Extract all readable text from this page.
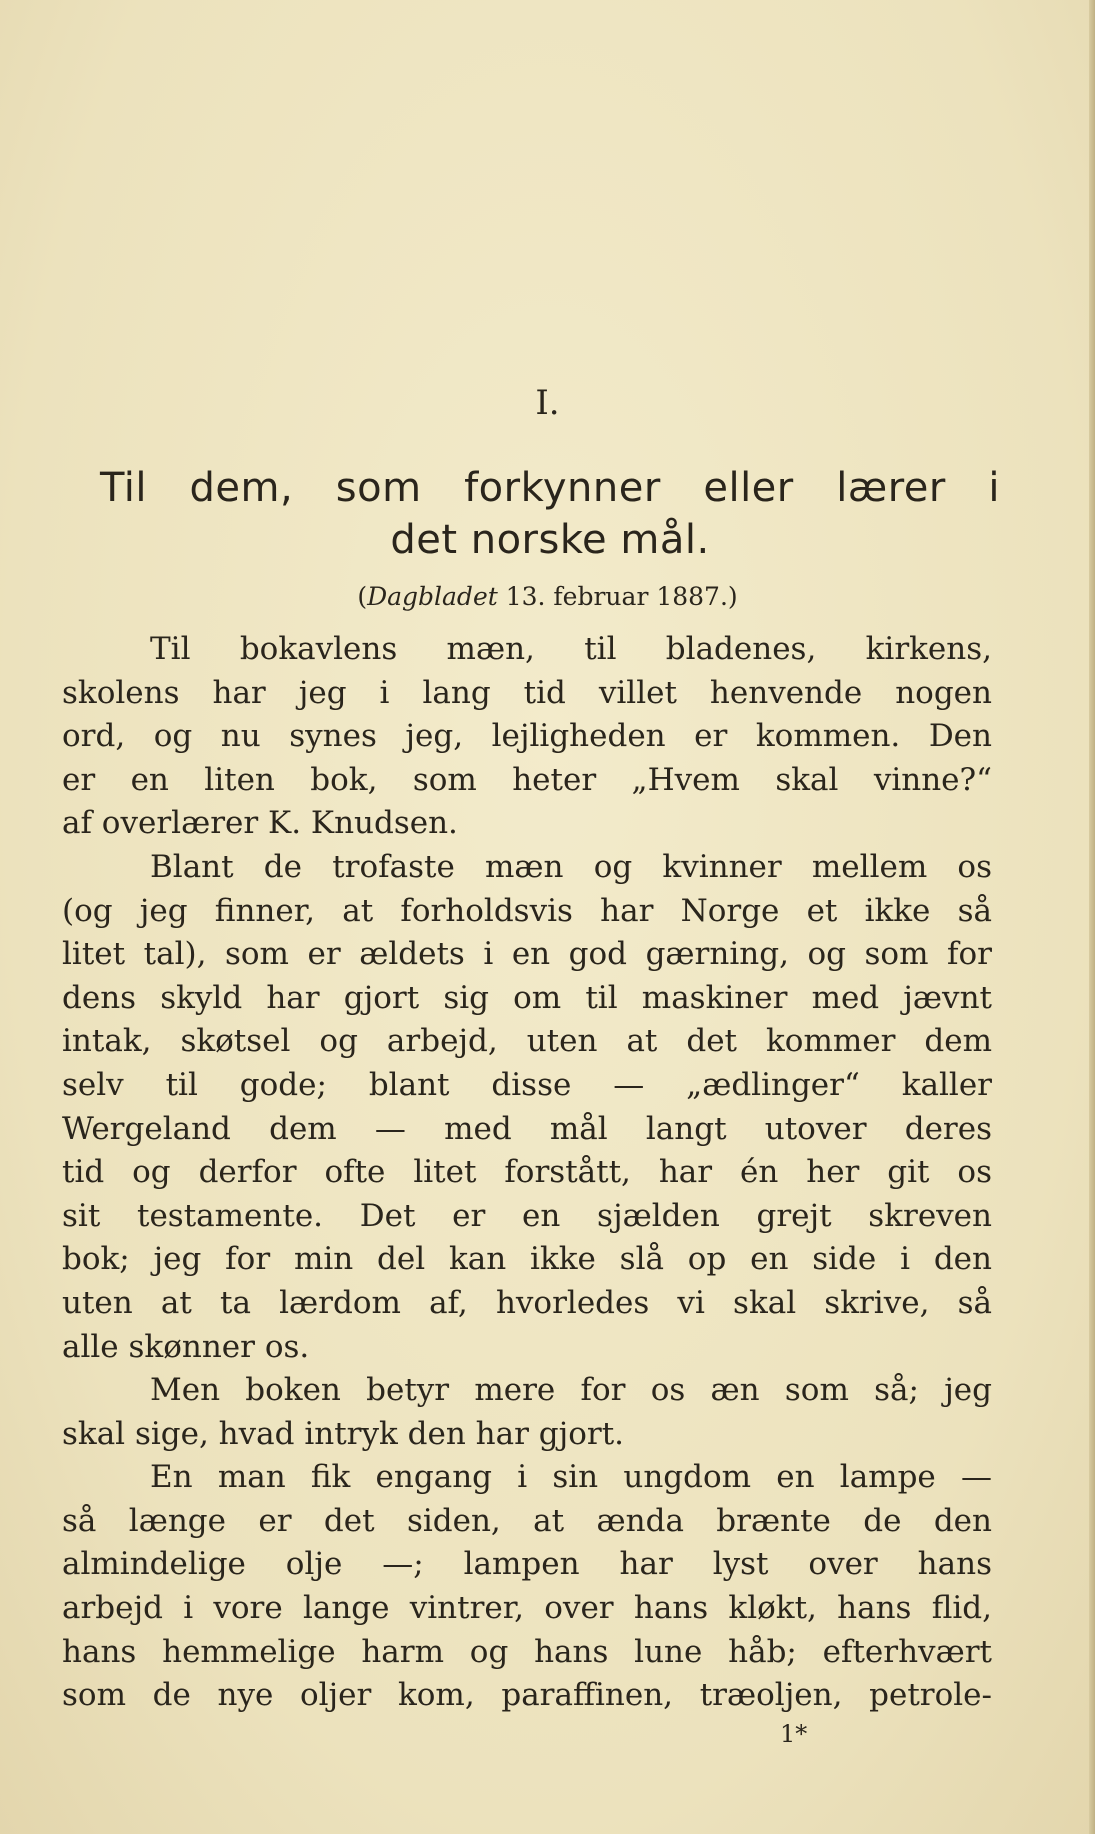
I.
Til dem, som forkynner eller lærer i
det norske mål.
(Dagbladet 13. februar 1887.)
Til bokavlens mæn, til bladenes, kirkens,
skolens har jeg i lang tid villet henvende nogen
ord, og nu synes jeg, lejligheden er kommen. Den
er en liten bok, som heter „Hvem skal vinne?“
af overlærer K. Knudsen.
Blant de trofaste mæn og kvinner mellem os
(og jeg finner, at forholdsvis har Norge et ikke så
litet tal), som er ældets i en god gærning, og som for
dens skyld har gjort sig om til maskiner med jævnt
intak, skøtsel og arbejd, uten at det kommer dem
selv til gode; blant disse — „ædlinger“ kaller
Wergeland dem — med mål langt utover deres
tid og derfor ofte litet forstått, har én her git os
sit testamente. Det er en sjælden grejt skreven
bok; jeg for min del kan ikke slå op en side i den
uten at ta lærdom af, hvorledes vi skal skrive, så
alle skønner os.
Men boken betyr mere for os æn som så; jeg
skal sige, hvad intryk den har gjort.
En man fik engang i sin ungdom en lampe —
så længe er det siden, at ænda brænte de den
almindelige olje —; lampen har lyst over hans
arbejd i vore lange vintrer, over hans kløkt, hans flid,
hans hemmelige harm og hans lune håb; efterhvært
som de nye oljer kom, paraffinen, træoljen, petrole-
1*
